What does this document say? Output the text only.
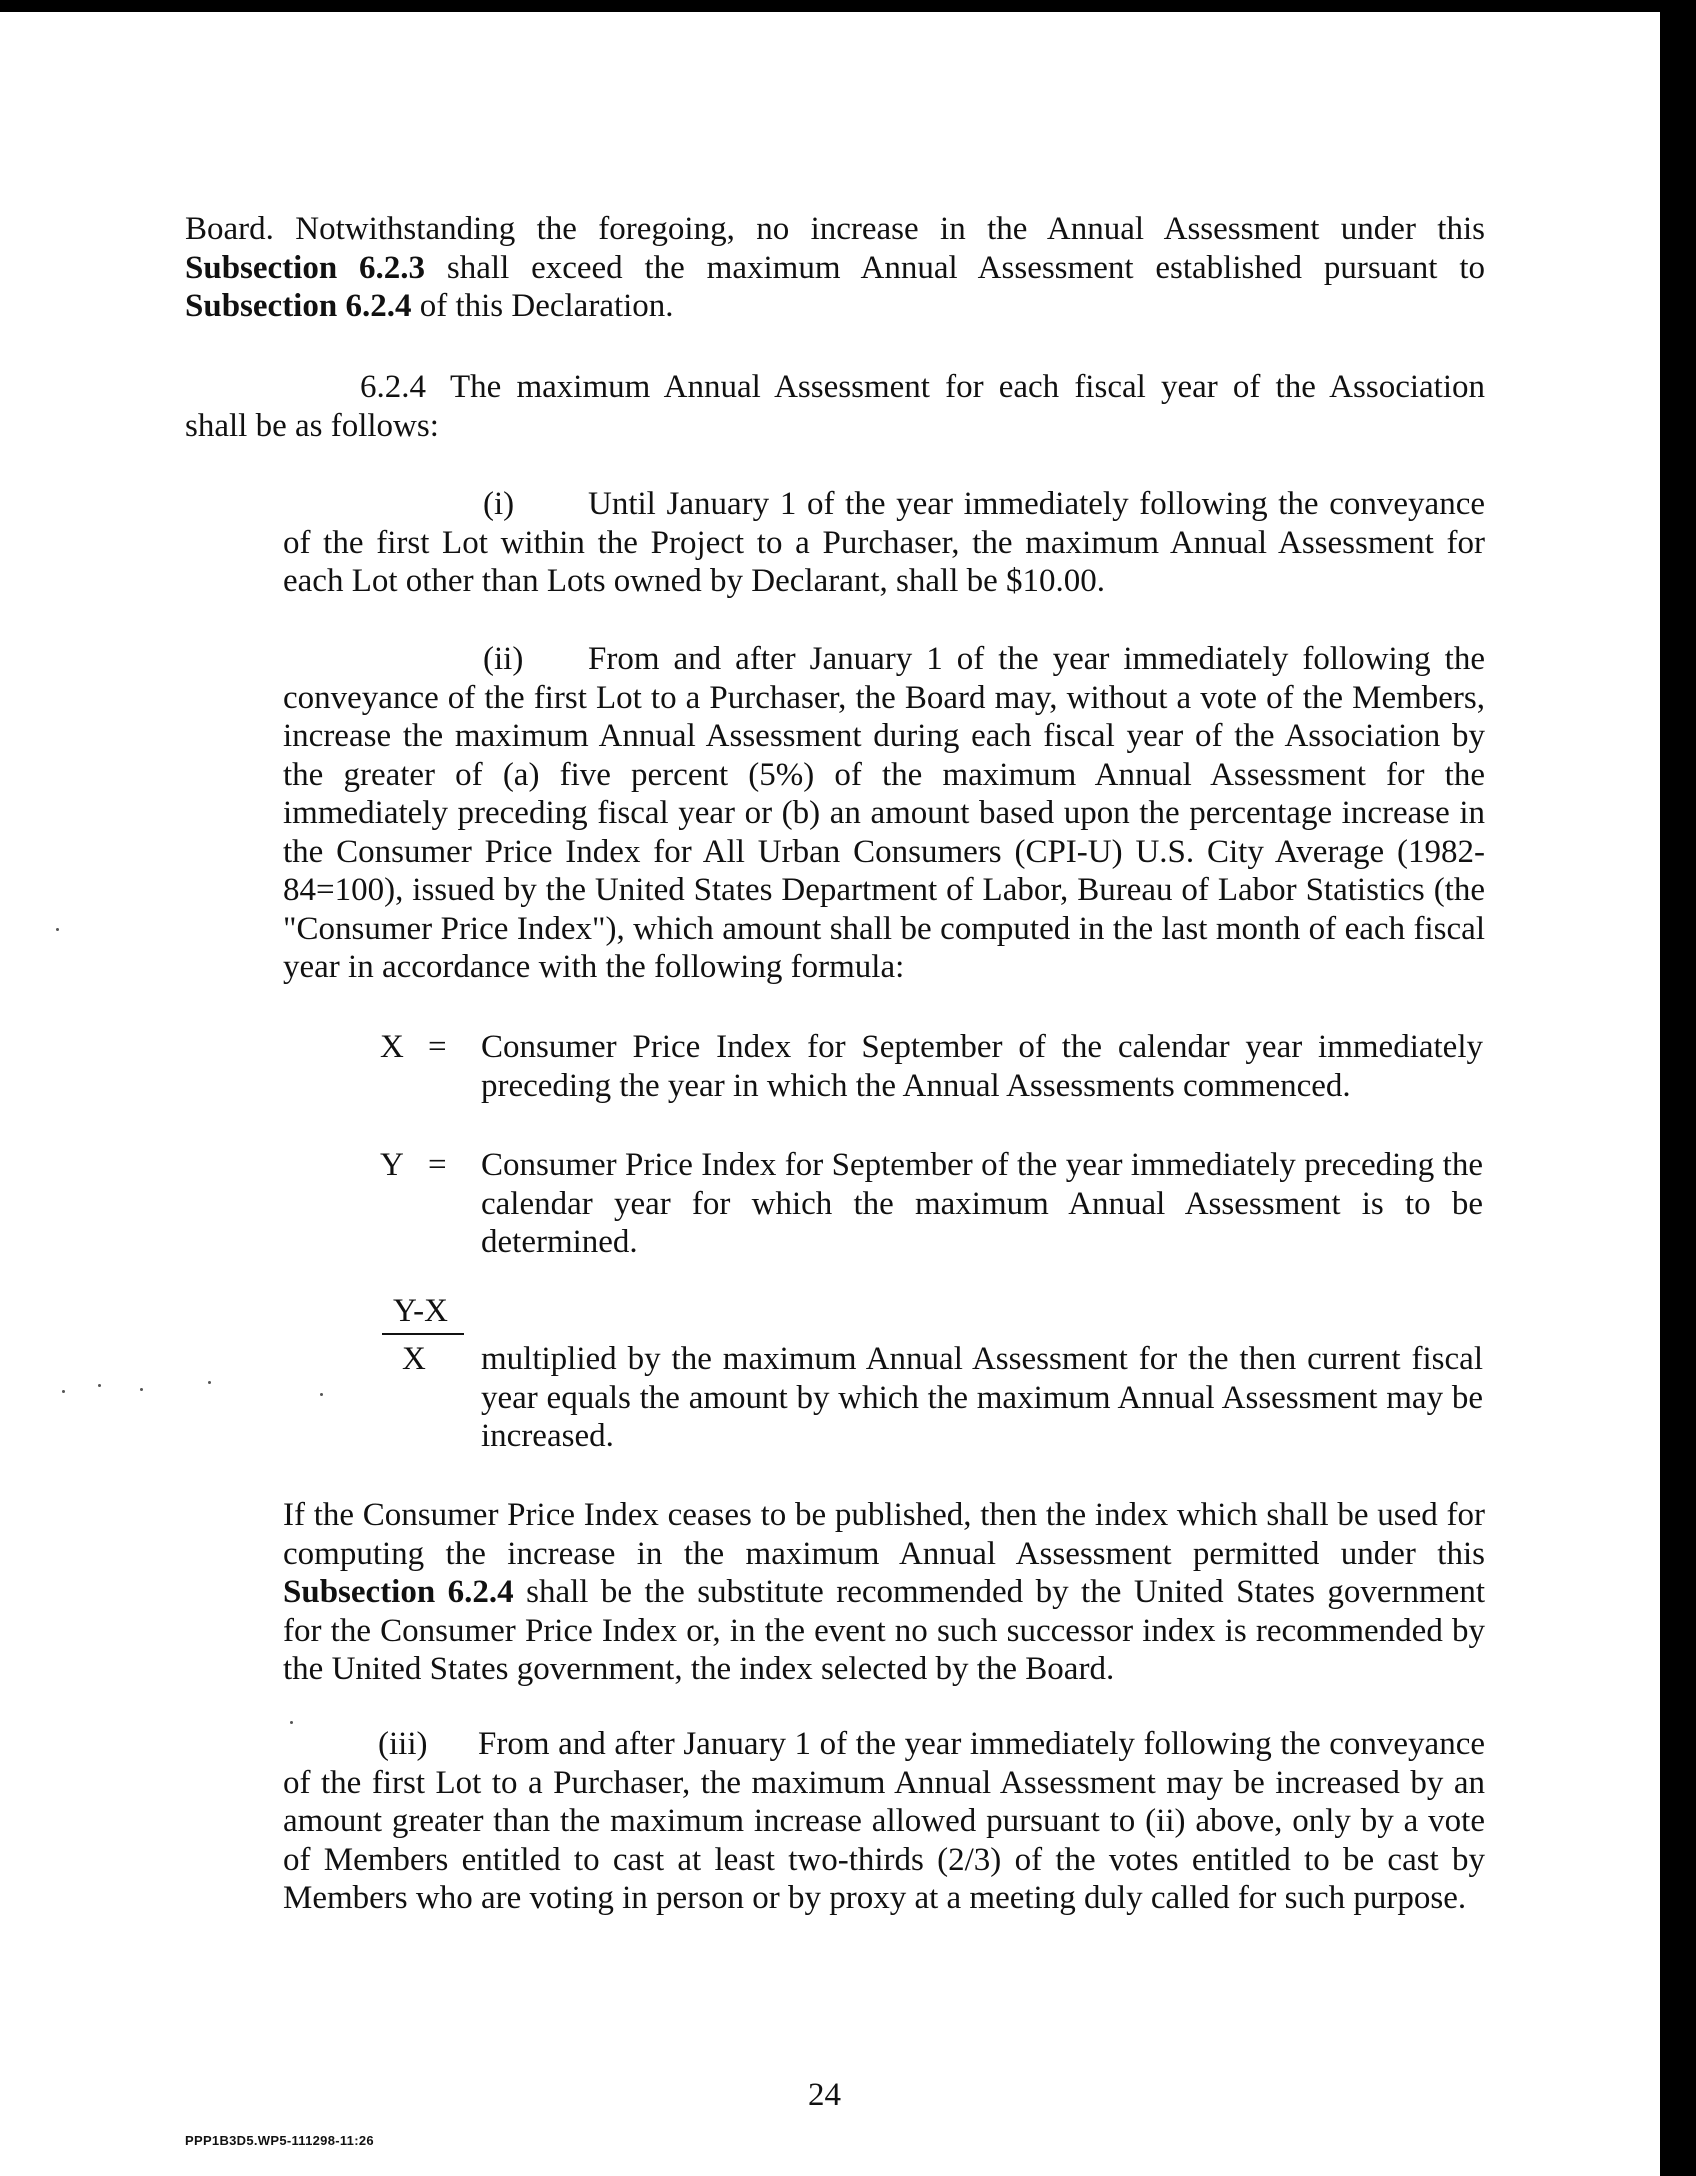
Board. Notwithstanding the foregoing, no increase in the Annual Assessment under this Subsection 6.2.3 shall exceed the maximum Annual Assessment established pursuant to Subsection 6.2.4 of this Declaration.

6.2.4 The maximum Annual Assessment for each fiscal year of the Association shall be as follows:

(i) Until January 1 of the year immediately following the conveyance of the first Lot within the Project to a Purchaser, the maximum Annual Assessment for each Lot other than Lots owned by Declarant, shall be $10.00.

(ii) From and after January 1 of the year immediately following the conveyance of the first Lot to a Purchaser, the Board may, without a vote of the Members, increase the maximum Annual Assessment during each fiscal year of the Association by the greater of (a) five percent (5%) of the maximum Annual Assessment for the immediately preceding fiscal year or (b) an amount based upon the percentage increase in the Consumer Price Index for All Urban Consumers (CPI-U) U.S. City Average (1982-84=100), issued by the United States Department of Labor, Bureau of Labor Statistics (the "Consumer Price Index"), which amount shall be computed in the last month of each fiscal year in accordance with the following formula:

X = Consumer Price Index for September of the calendar year immediately preceding the year in which the Annual Assessments commenced.

Y = Consumer Price Index for September of the year immediately preceding the calendar year for which the maximum Annual Assessment is to be determined.

Y-X
X multiplied by the maximum Annual Assessment for the then current fiscal year equals the amount by which the maximum Annual Assessment may be increased.

If the Consumer Price Index ceases to be published, then the index which shall be used for computing the increase in the maximum Annual Assessment permitted under this Subsection 6.2.4 shall be the substitute recommended by the United States government for the Consumer Price Index or, in the event no such successor index is recommended by the United States government, the index selected by the Board.

(iii) From and after January 1 of the year immediately following the conveyance of the first Lot to a Purchaser, the maximum Annual Assessment may be increased by an amount greater than the maximum increase allowed pursuant to (ii) above, only by a vote of Members entitled to cast at least two-thirds (2/3) of the votes entitled to be cast by Members who are voting in person or by proxy at a meeting duly called for such purpose.

PPP1B3D5.WP5-111298-11:26
24
